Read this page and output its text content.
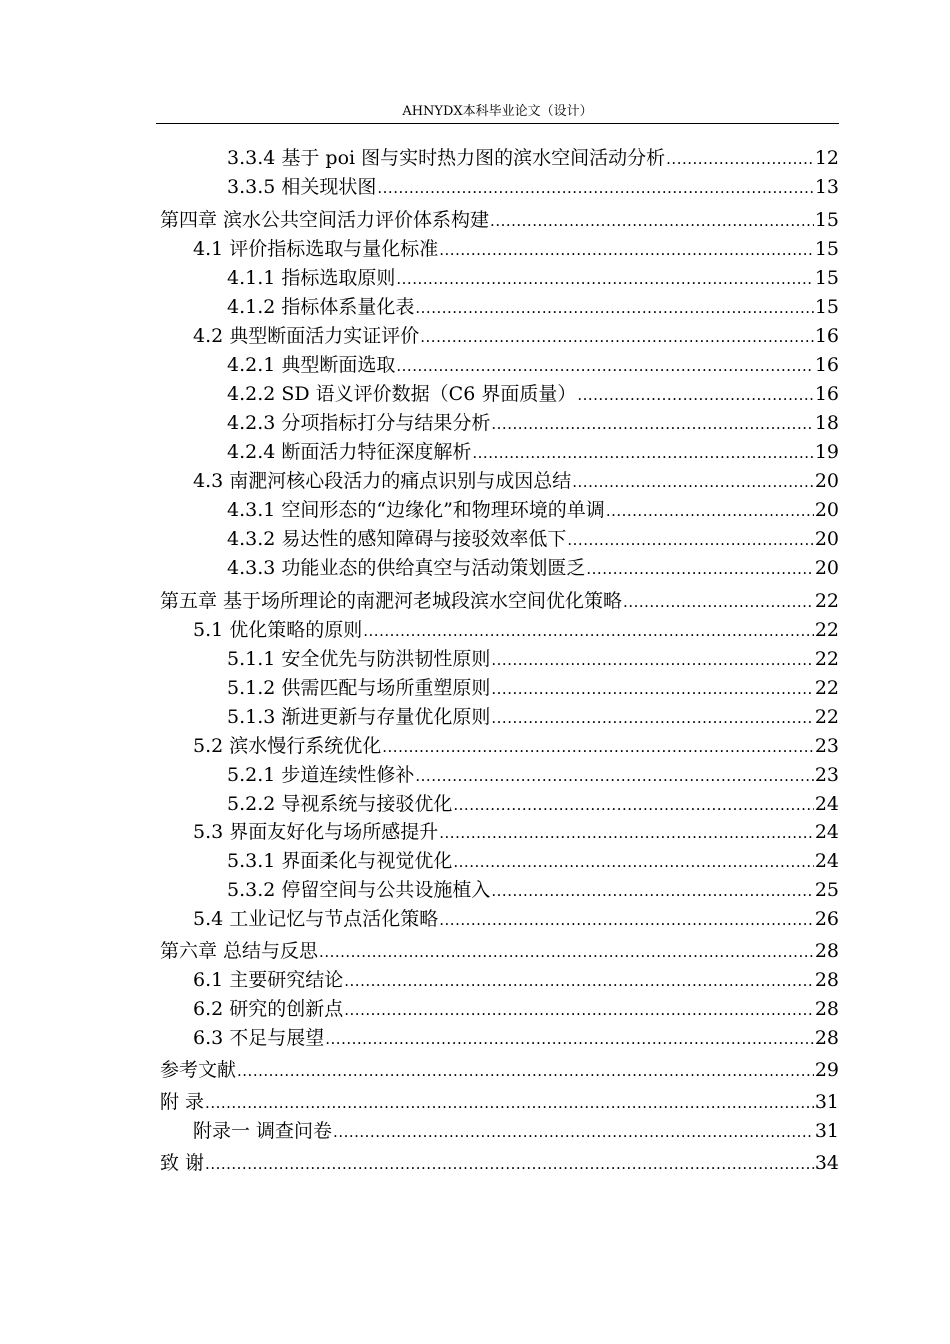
AHNYDX本科毕业论文（设计）
3.3.4 基于 poi 图与实时热力图的滨水空间活动分析 .....	12
3.3.5 相关现状图 .....	13
第四章 滨水公共空间活力评价体系构建 .....	15
4.1 评价指标选取与量化标准 .....	15
4.1.1 指标选取原则 .....	15
4.1.2 指标体系量化表 .....	15
4.2 典型断面活力实证评价 .....	16
4.2.1 典型断面选取 .....	16
4.2.2 SD 语义评价数据（C6 界面质量） .....	16
4.2.3 分项指标打分与结果分析 .....	18
4.2.4 断面活力特征深度解析 .....	19
4.3 南淝河核心段活力的痛点识别与成因总结 .....	20
4.3.1 空间形态的“边缘化”和物理环境的单调 .....	20
4.3.2 易达性的感知障碍与接驳效率低下 .....	20
4.3.3 功能业态的供给真空与活动策划匮乏 .....	20
第五章 基于场所理论的南淝河老城段滨水空间优化策略 .....	22
5.1 优化策略的原则 .....	22
5.1.1 安全优先与防洪韧性原则 .....	22
5.1.2 供需匹配与场所重塑原则 .....	22
5.1.3 渐进更新与存量优化原则 .....	22
5.2 滨水慢行系统优化 .....	23
5.2.1 步道连续性修补 .....	23
5.2.2 导视系统与接驳优化 .....	24
5.3 界面友好化与场所感提升 .....	24
5.3.1 界面柔化与视觉优化 .....	24
5.3.2 停留空间与公共设施植入 .....	25
5.4 工业记忆与节点活化策略 .....	26
第六章 总结与反思 .....	28
6.1 主要研究结论 .....	28
6.2 研究的创新点 .....	28
6.3 不足与展望 .....	28
参考文献 .....	29
附 录 .....	31
附录一 调查问卷 .....	31
致 谢 .....	34
